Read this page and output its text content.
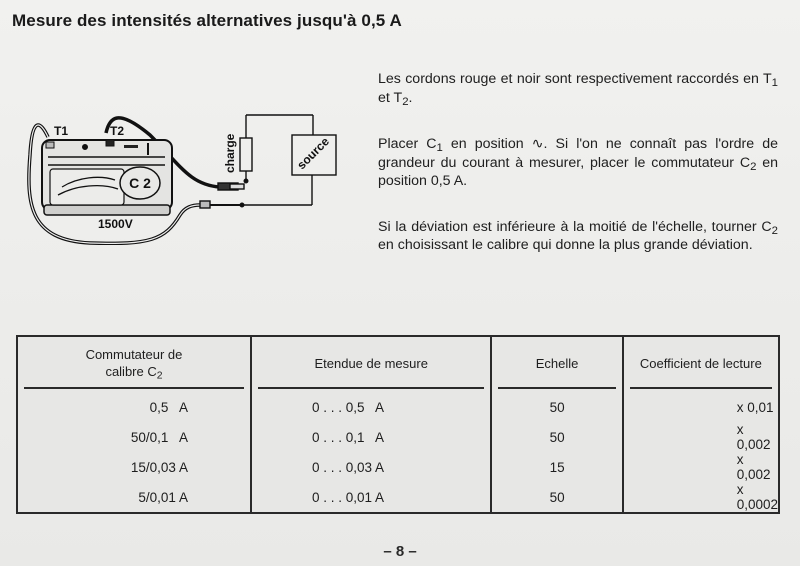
Mesure des intensités alternatives jusqu'à 0,5 A
C 2
T1	T2
1500V
charge	source

Les cordons rouge et noir sont respectivement raccordés en $T_1$ et $T_2$.

Placer $C_1$ en position ∿. Si l'on ne connaît pas l'ordre de grandeur du courant à mesurer, placer le commutateur $C_2$ en position 0,5 A.

Si la déviation est inférieure à la moitié de l'échelle, tourner $C_2$ en choisissant le calibre qui donne la plus grande déviation.

Commutateur de
calibre $C_2$	Etendue de mesure	Echelle	Coefficient de lecture
0,5   A	0 . . . 0,5   A	50	x 0,01
50/0,1   A	0 . . . 0,1   A	50	x 0,002
15/0,03 A	0 . . . 0,03 A	15	x 0,002
5/0,01 A	0 . . . 0,01 A	50	x 0,0002
– 8 –
